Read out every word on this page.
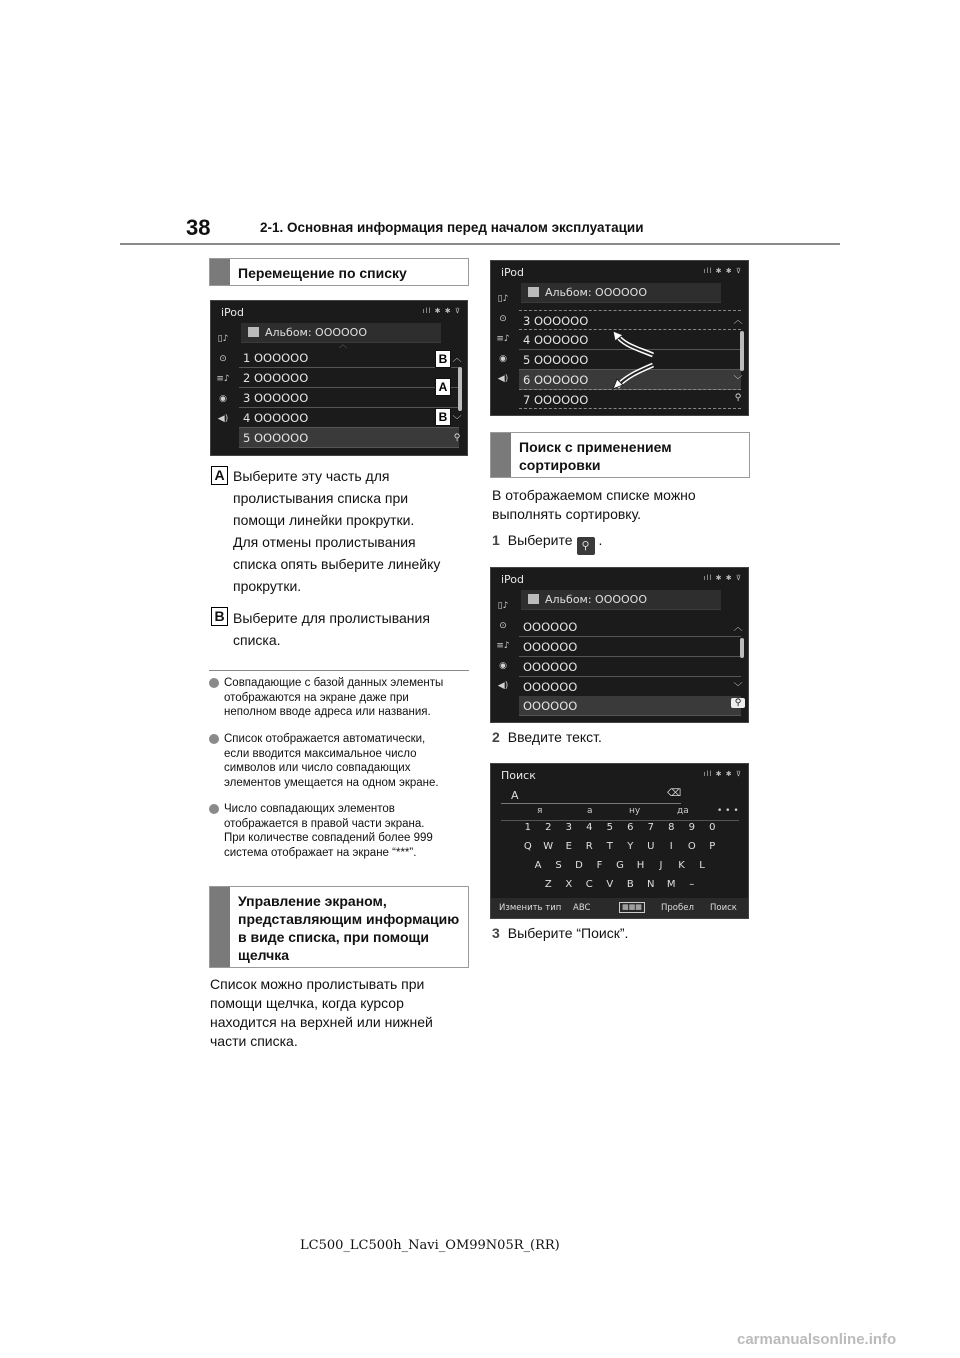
38	2-1. Основная информация перед началом эксплуатации
Перемещение по списку
iPod	ıll ✱ ✱ ⊽
▯♪
⊙
≡♪
◉
◀)
Альбом: OOOOOO
︿
1 OOOOOO
2 OOOOOO
3 OOOOOO
4 OOOOOO
5 OOOOOO
︿
﹀
⚲
B
A
B
A Выберите эту часть для
пролистывания списка при
помощи линейки прокрутки.
Для отмены пролистывания
списка опять выберите линейку
прокрутки.
B Выберите для пролистывания
списка.
Совпадающие с базой данных элементы
отображаются на экране даже при
неполном вводе адреса или названия.
Список отображается автоматически,
если вводится максимальное число
символов или число совпадающих
элементов умещается на одном экране.
Число совпадающих элементов
отображается в правой части экрана.
При количестве совпадений более 999
система отображает на экране “***”.
Управление экраном, представляющим информацию в виде списка, при помощи щелчка
Список можно пролистывать при
помощи щелчка, когда курсор
находится на верхней или нижней
части списка.
iPod	ıll ✱ ✱ ⊽
▯♪
⊙
≡♪
◉
◀)
Альбом: OOOOOO
3 OOOOOO
4 OOOOOO
5 OOOOOO
6 OOOOOO
7 OOOOOO
︿
﹀
⚲
Поиск с применением сортировки
В отображаемом списке можно
выполнять сортировку.
1 Выберите ⚲ .
iPod	ıll ✱ ✱ ⊽
▯♪
⊙
≡♪
◉
◀)
Альбом: OOOOOO
OOOOOO
OOOOOO
OOOOOO
OOOOOO
OOOOOO
︿
﹀
⚲
2 Введите текст.
Поиск	ıll ✱ ✱ ⊽
A	⌫
я	а	ну	да	• • •
1 2 3 4 5 6 7 8 9 0
Q W E R T Y U I O P
A S D F G H J K L
Z X C V B N M –
Изменить тип ABC	▦▦▦	Пробел Поиск
3 Выберите “Поиск”.
LC500_LC500h_Navi_OM99N05R_(RR)
carmanualsonline.info
